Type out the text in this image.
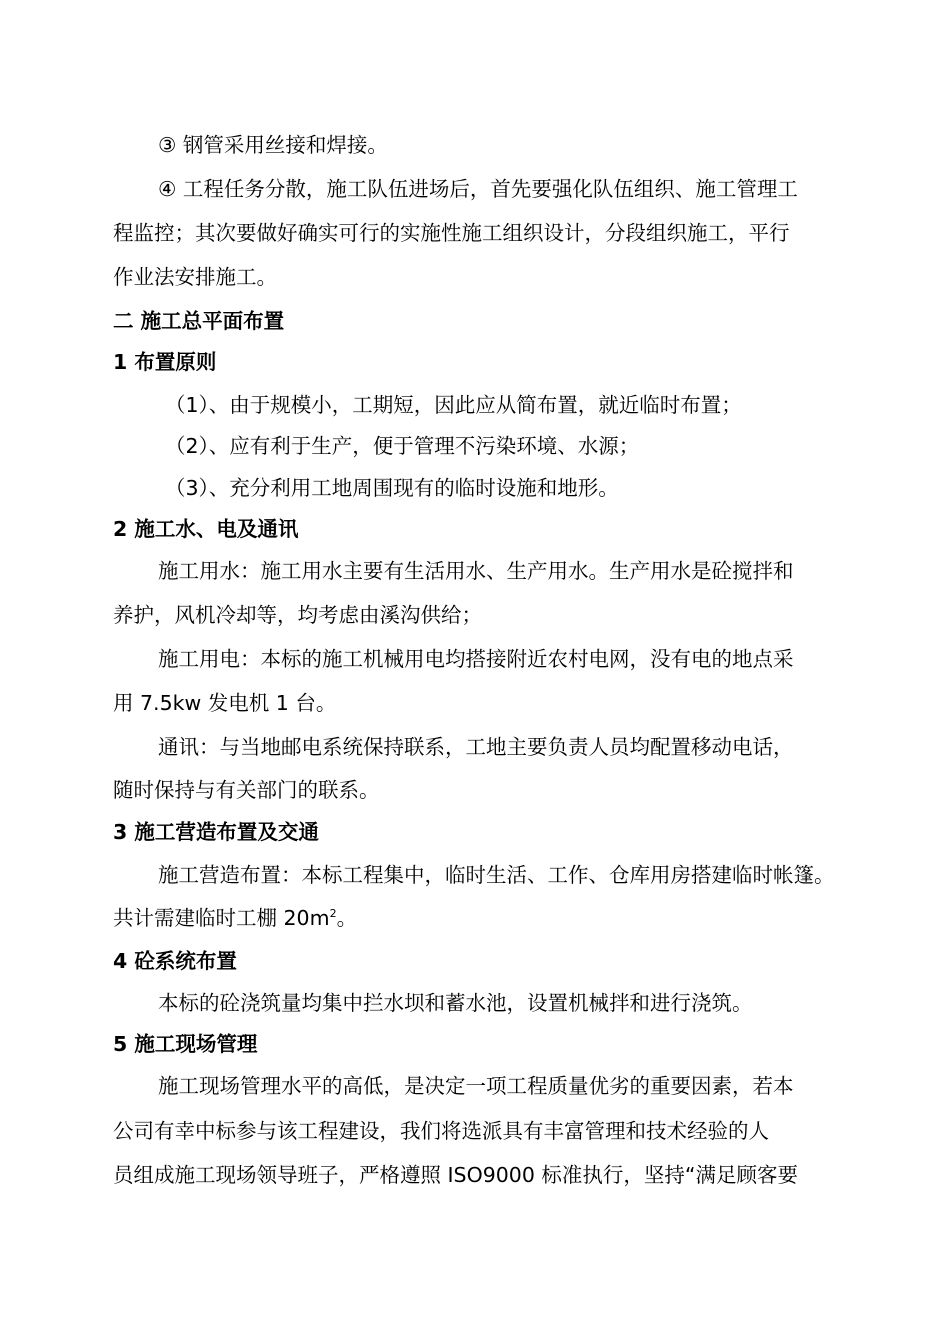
③ 钢管采用丝接和焊接。
④ 工程任务分散，施工队伍进场后，首先要强化队伍组织、施工管理工
程监控；其次要做好确实可行的实施性施工组织设计，分段组织施工，平行
作业法安排施工。
二 施工总平面布置
1 布置原则
（1）、由于规模小，工期短，因此应从简布置，就近临时布置；
（2）、应有利于生产，便于管理不污染环境、水源；
（3）、充分利用工地周围现有的临时设施和地形。
2 施工水、电及通讯
施工用水：施工用水主要有生活用水、生产用水。生产用水是砼搅拌和
养护，风机冷却等，均考虑由溪沟供给；
施工用电：本标的施工机械用电均搭接附近农村电网，没有电的地点采
用 7.5kw 发电机 1 台。
通讯：与当地邮电系统保持联系，工地主要负责人员均配置移动电话，
随时保持与有关部门的联系。
3 施工营造布置及交通
施工营造布置：本标工程集中，临时生活、工作、仓库用房搭建临时帐篷。
共计需建临时工棚 $20m^2$。
4 砼系统布置
本标的砼浇筑量均集中拦水坝和蓄水池，设置机械拌和进行浇筑。
5 施工现场管理
施工现场管理水平的高低，是决定一项工程质量优劣的重要因素，若本
公司有幸中标参与该工程建设，我们将选派具有丰富管理和技术经验的人
员组成施工现场领导班子，严格遵照 ISO9000 标准执行，坚持“满足顾客要
